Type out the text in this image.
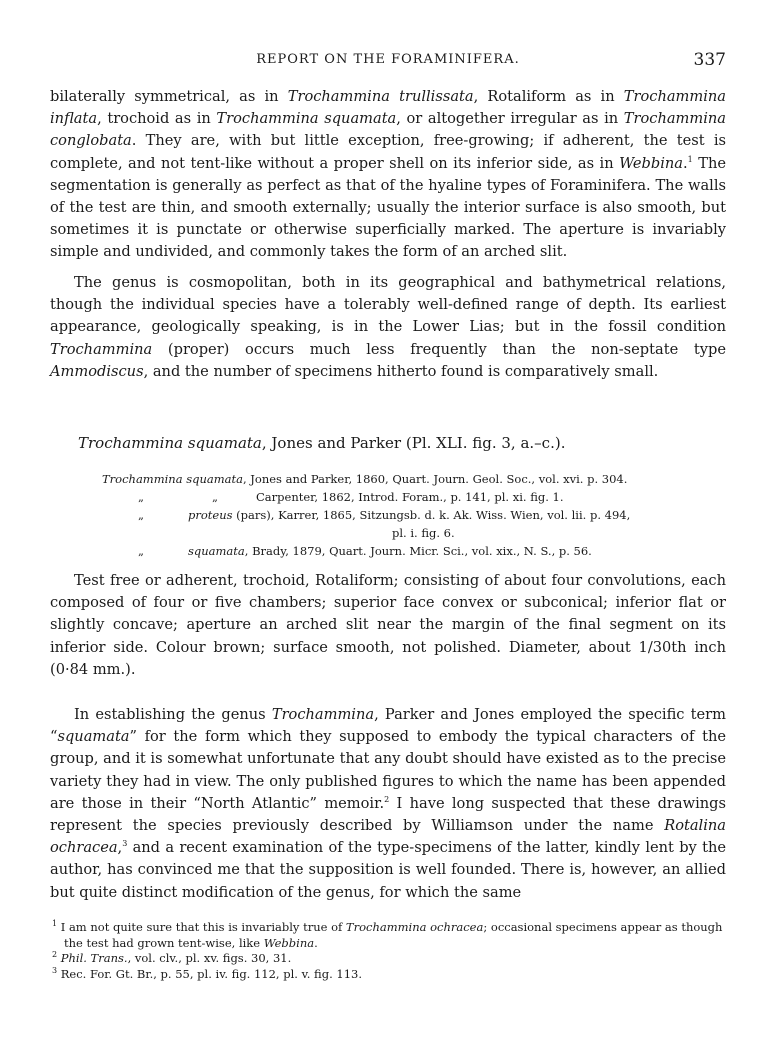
REPORT ON THE FORAMINIFERA.	337

bilaterally symmetrical, as in Trochammina trullissata, Rotaliform as in Trochammina inflata, trochoid as in Trochammina squamata, or altogether irregular as in Trochammina conglobata. They are, with but little exception, free-growing; if adherent, the test is complete, and not tent-like without a proper shell on its inferior side, as in Webbina.$^1$ The segmentation is generally as perfect as that of the hyaline types of Foraminifera. The walls of the test are thin, and smooth externally; usually the interior surface is also smooth, but sometimes it is punctate or otherwise superficially marked. The aperture is invariably simple and undivided, and commonly takes the form of an arched slit.

The genus is cosmopolitan, both in its geographical and bathymetrical relations, though the individual species have a tolerably well-defined range of depth. Its earliest appearance, geologically speaking, is in the Lower Lias; but in the fossil condition Trochammina (proper) occurs much less frequently than the non-septate type Ammodiscus, and the number of specimens hitherto found is comparatively small.

Trochammina squamata, Jones and Parker (Pl. XLI. fig. 3, a.–c.).
Trochammina squamata, Jones and Parker, 1860, Quart. Journ. Geol. Soc., vol. xvi. p. 304.
„	„	Carpenter, 1862, Introd. Foram., p. 141, pl. xi. fig. 1.
„	proteus (pars), Karrer, 1865, Sitzungsb. d. k. Ak. Wiss. Wien, vol. lii. p. 494,
pl. i. fig. 6.
„	squamata, Brady, 1879, Quart. Journ. Micr. Sci., vol. xix., N. S., p. 56.

Test free or adherent, trochoid, Rotaliform; consisting of about four convolutions, each composed of four or five chambers; superior face convex or subconical; inferior flat or slightly concave; aperture an arched slit near the margin of the final segment on its inferior side. Colour brown; surface smooth, not polished. Diameter, about 1/30th inch (0·84 mm.).

In establishing the genus Trochammina, Parker and Jones employed the specific term “squamata” for the form which they supposed to embody the typical characters of the group, and it is somewhat unfortunate that any doubt should have existed as to the precise variety they had in view. The only published figures to which the name has been appended are those in their “North Atlantic” memoir.$^2$ I have long suspected that these drawings represent the species previously described by Williamson under the name Rotalina ochracea,$^3$ and a recent examination of the type-specimens of the latter, kindly lent by the author, has convinced me that the supposition is well founded. There is, however, an allied but quite distinct modification of the genus, for which the same

$^1$ I am not quite sure that this is invariably true of Trochammina ochracea; occasional specimens appear as though the test had grown tent-wise, like Webbina.

$^2$ Phil. Trans., vol. clv., pl. xv. figs. 30, 31.

$^3$ Rec. For. Gt. Br., p. 55, pl. iv. fig. 112, pl. v. fig. 113.
